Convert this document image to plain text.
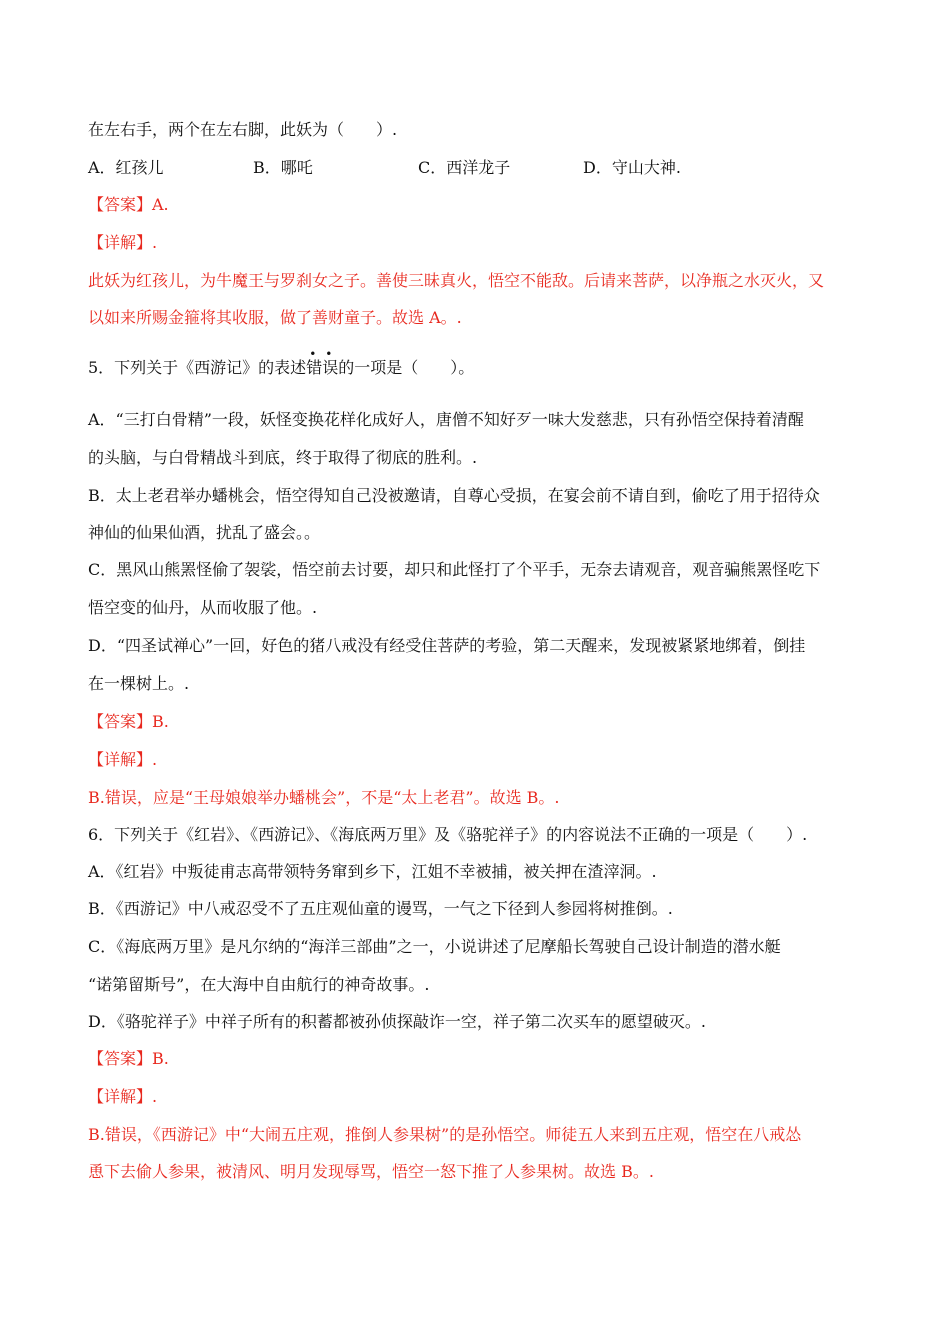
在左右手，两个在左右脚，此妖为（　　）.
A．红孩儿	B．哪吒	C．西洋龙子	D．守山大神.
【答案】A.
【详解】.
此妖为红孩儿，为牛魔王与罗刹女之子。善使三昧真火，悟空不能敌。后请来菩萨，以净瓶之水灭火，又
以如来所赐金箍将其收服，做了善财童子。故选 A。.
5．下列关于《西游记》的表述
• •
错误的一项是（　　）。
A．“三打白骨精”一段，妖怪变换花样化成好人，唐僧不知好歹一味大发慈悲，只有孙悟空保持着清醒
的头脑，与白骨精战斗到底，终于取得了彻底的胜利。.
B．太上老君举办蟠桃会，悟空得知自己没被邀请，自尊心受损，在宴会前不请自到，偷吃了用于招待众
神仙的仙果仙酒，扰乱了盛会。。
C．黑风山熊罴怪偷了袈裟，悟空前去讨要，却只和此怪打了个平手，无奈去请观音，观音骗熊罴怪吃下
悟空变的仙丹，从而收服了他。.
D．“四圣试禅心”一回，好色的猪八戒没有经受住菩萨的考验，第二天醒来，发现被紧紧地绑着，倒挂
在一棵树上。.
【答案】B.
【详解】.
B.错误，应是“王母娘娘举办蟠桃会”，不是“太上老君”。故选 B。.
6．下列关于《红岩》、《西游记》、《海底两万里》及《骆驼祥子》的内容说法不正确的一项是（　　）.
A．《红岩》中叛徒甫志高带领特务窜到乡下，江姐不幸被捕，被关押在渣滓洞。.
B．《西游记》中八戒忍受不了五庄观仙童的谩骂，一气之下径到人参园将树推倒。.
C．《海底两万里》是凡尔纳的“海洋三部曲”之一，小说讲述了尼摩船长驾驶自己设计制造的潜水艇
“诺第留斯号”，在大海中自由航行的神奇故事。.
D．《骆驼祥子》中祥子所有的积蓄都被孙侦探敲诈一空，祥子第二次买车的愿望破灭。.
【答案】B.
【详解】.
B.错误，《西游记》中“大闹五庄观，推倒人参果树”的是孙悟空。师徒五人来到五庄观，悟空在八戒怂
恿下去偷人参果，被清风、明月发现辱骂，悟空一怒下推了人参果树。故选 B。.
